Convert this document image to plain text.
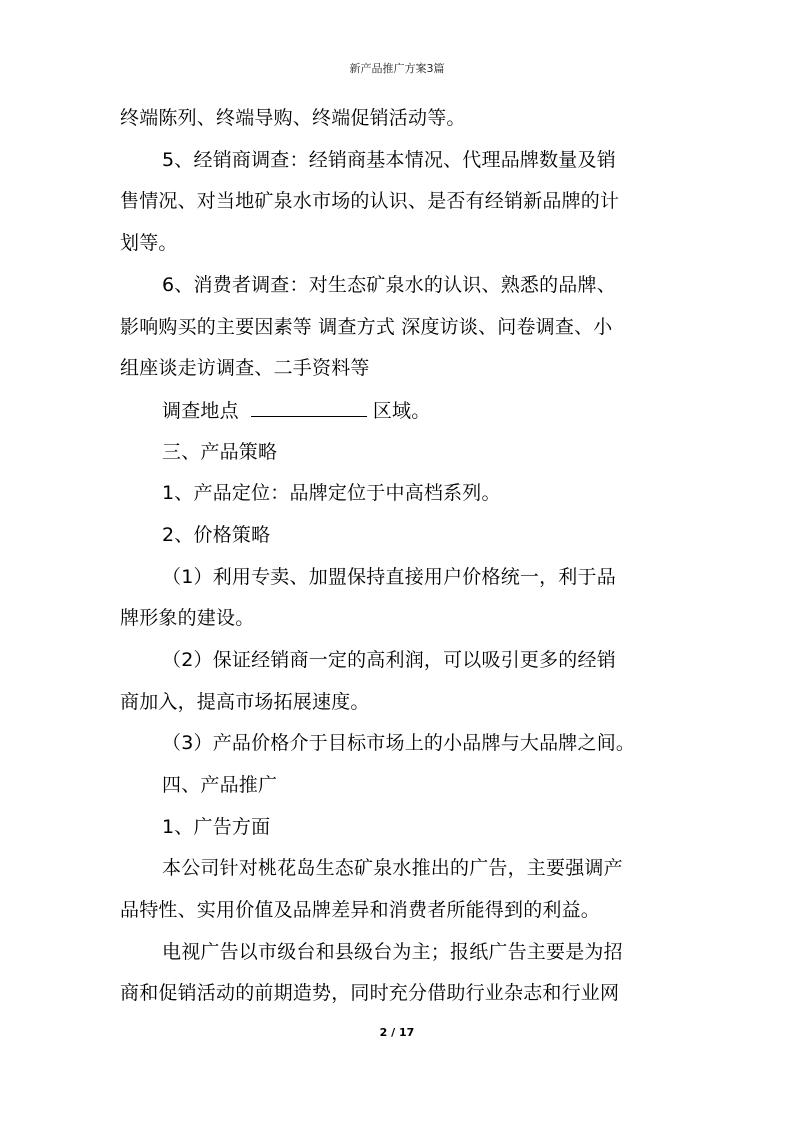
新产品推广方案3篇
终端陈列、终端导购、终端促销活动等。
5、经销商调查：经销商基本情况、代理品牌数量及销
售情况、对当地矿泉水市场的认识、是否有经销新品牌的计
划等。
6、消费者调查：对生态矿泉水的认识、熟悉的品牌、
影响购买的主要因素等 调查方式 深度访谈、问卷调查、小
组座谈走访调查、二手资料等
调查地点	区域。
三、产品策略
1、产品定位：品牌定位于中高档系列。
2、价格策略
（1）利用专卖、加盟保持直接用户价格统一，利于品
牌形象的建设。
（2）保证经销商一定的高利润，可以吸引更多的经销
商加入，提高市场拓展速度。
（3）产品价格介于目标市场上的小品牌与大品牌之间。
四、产品推广
1、广告方面
本公司针对桃花岛生态矿泉水推出的广告，主要强调产
品特性、实用价值及品牌差异和消费者所能得到的利益。
电视广告以市级台和县级台为主；报纸广告主要是为招
商和促销活动的前期造势，同时充分借助行业杂志和行业网
2 / 17
